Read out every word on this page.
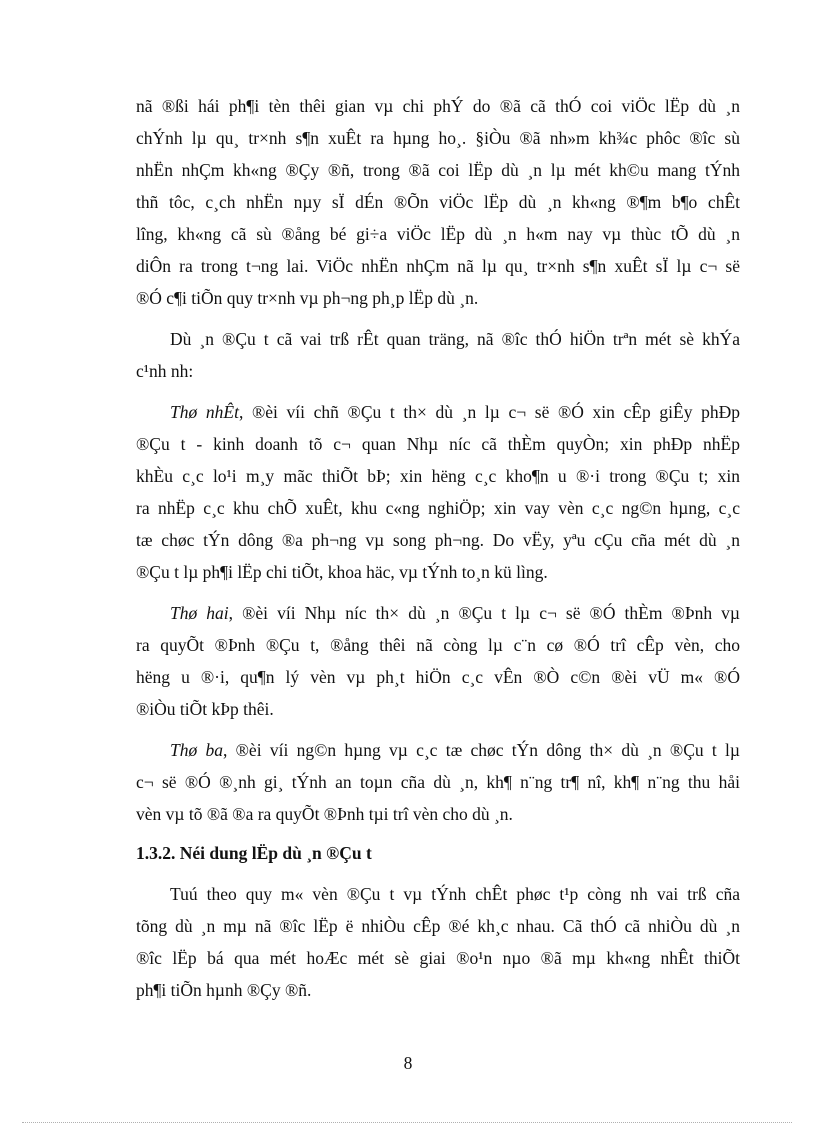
nã ®ßi hái ph¶i tèn thêi gian vµ chi phÝ do ®ã cã thÓ coi viÖc lËp dù ¸n
chÝnh lµ qu¸ tr×nh s¶n xuÊt ra hµng ho¸. §iÒu ®ã nh»m kh¾c phôc ®îc sù
nhËn nhÇm kh«ng ®Çy ®ñ, trong ®ã coi lËp dù ¸n lµ mét kh©u mang tÝnh
thñ tôc, c¸ch nhËn nµy sÏ dÉn ®Õn viÖc lËp dù ¸n kh«ng ®¶m b¶o chÊt
lîng, kh«ng cã sù ®ång bé gi÷a viÖc lËp dù ¸n h«m nay vµ thùc tÕ dù ¸n
diÔn ra trong t¬ng lai. ViÖc nhËn nhÇm nã lµ qu¸ tr×nh s¶n xuÊt sÏ lµ c¬ së
®Ó c¶i tiÕn quy tr×nh vµ ph¬ng ph¸p lËp dù ¸n.
Dù ¸n ®Çu t cã vai trß rÊt quan träng, nã ®îc thÓ hiÖn trªn mét sè khÝa
c¹nh nh:
Thø nhÊt, ®èi víi chñ ®Çu t th× dù ¸n lµ c¬ së ®Ó xin cÊp giÊy phÐp
®Çu t - kinh doanh tõ c¬ quan Nhµ níc cã thÈm quyÒn; xin phÐp nhËp
khÈu c¸c lo¹i m¸y mãc thiÕt bÞ; xin hëng c¸c kho¶n u ®·i trong ®Çu t; xin
ra nhËp c¸c khu chÕ xuÊt, khu c«ng nghiÖp; xin vay vèn c¸c ng©n hµng, c¸c
tæ chøc tÝn dông ®a ph¬ng vµ song ph¬ng. Do vËy, yªu cÇu cña mét dù ¸n
®Çu t lµ ph¶i lËp chi tiÕt, khoa häc, vµ tÝnh to¸n kü lìng.
Thø hai, ®èi víi Nhµ níc th× dù ¸n ®Çu t lµ c¬ së ®Ó thÈm ®Þnh vµ
ra quyÕt ®Þnh ®Çu t, ®ång thêi nã còng lµ c¨n cø ®Ó trî cÊp vèn, cho
hëng u ®·i, qu¶n lý vèn vµ ph¸t hiÖn c¸c vÊn ®Ò c©n ®èi vÜ m« ®Ó
®iÒu tiÕt kÞp thêi.
Thø ba, ®èi víi ng©n hµng vµ c¸c tæ chøc tÝn dông th× dù ¸n ®Çu t lµ
c¬ së ®Ó ®¸nh gi¸ tÝnh an toµn cña dù ¸n, kh¶ n¨ng tr¶ nî, kh¶ n¨ng thu håi
vèn vµ tõ ®ã ®a ra quyÕt ®Þnh tµi trî vèn cho dù ¸n.
1.3.2. Néi dung lËp dù ¸n ®Çu t
Tuú theo quy m« vèn ®Çu t vµ tÝnh chÊt phøc t¹p còng nh vai trß cña
tõng dù ¸n mµ nã ®îc lËp ë nhiÒu cÊp ®é kh¸c nhau. Cã thÓ cã nhiÒu dù ¸n
®îc lËp bá qua mét hoÆc mét sè giai ®o¹n nµo ®ã mµ kh«ng nhÊt thiÕt
ph¶i tiÕn hµnh ®Çy ®ñ.
8
